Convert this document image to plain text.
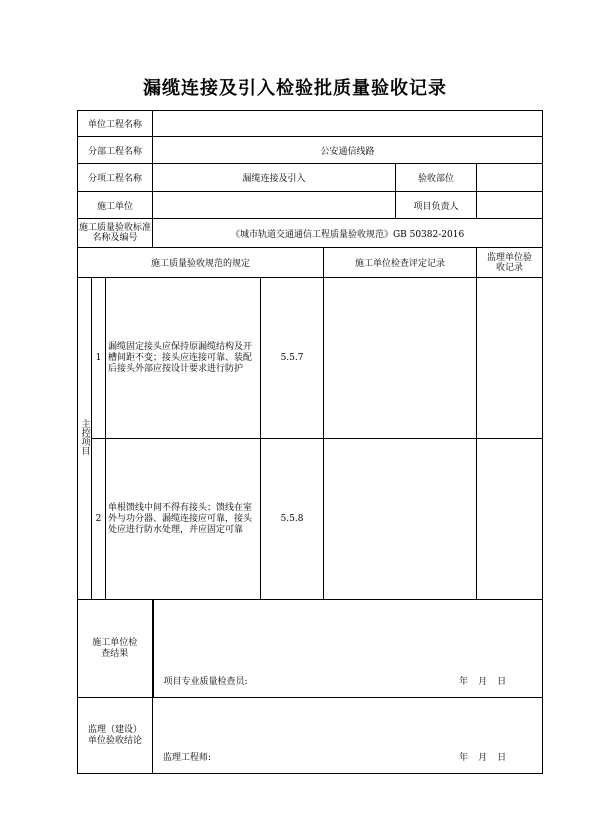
漏缆连接及引入检验批质量验收记录
单位工程名称							
分部工程名称			公安通信线路				
分项工程名称			漏缆连接及引入			验收部位	
施工单位						项目负责人	
施工质量验收标准名称及编号			《城市轨道交通通信工程质量验收规范》GB 50382-2016				
施工质量验收规范的规定					施工单位检查评定记录		监理单位验收记录
主控项目	1	漏缆固定接头应保持原漏缆结构及开槽间距不变；接头应连接可靠、装配后接头外部应按设计要求进行防护		5.5.7			
	2	单根馈线中间不得有接头；馈线在室外与功分器、漏缆连接应可靠，接头处应进行防水处理，并应固定可靠		5.5.8			
施工单位检查结果			项目专业质量检查员: 年 月 日				

监理（建设）单位验收结论			监理工程师: 年 月 日				
